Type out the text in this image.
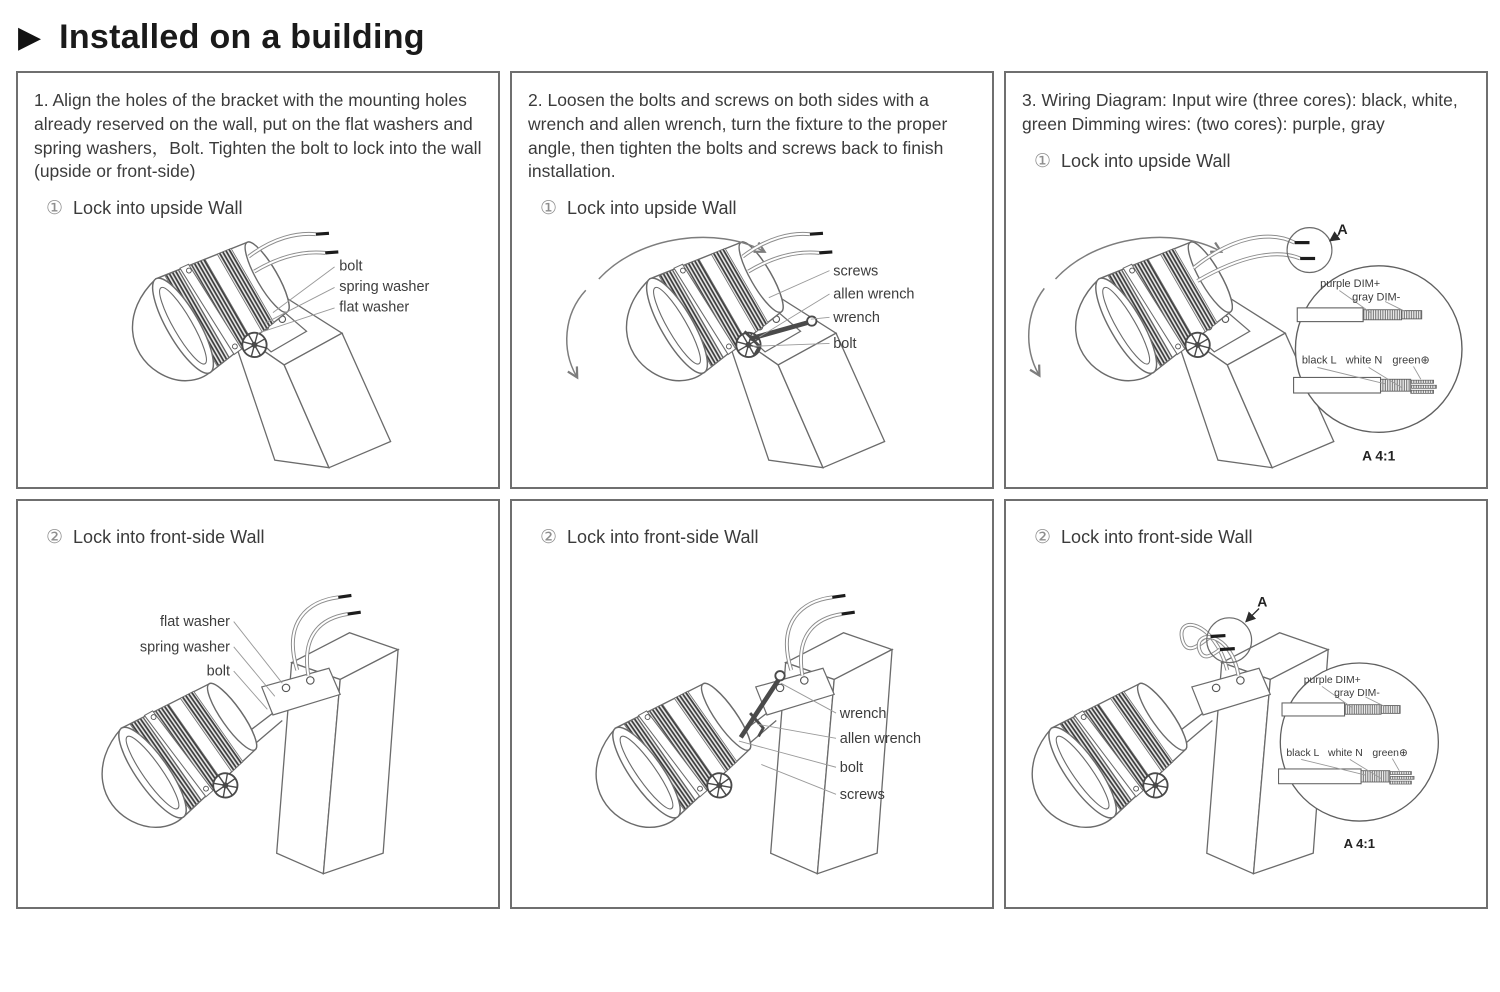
▶ Installed on a building
1. Align the holes of the bracket with the mounting holes already reserved on the wall, put on the flat washers and spring washers，Bolt. Tighten the bolt to lock into the wall (upside or front-side)
① Lock into upside Wall
bolt
spring washer
flat washer
2. Loosen the bolts and screws on both sides with a wrench and allen wrench, turn the fixture to the proper angle, then tighten the bolts and screws back to finish installation.
① Lock into upside Wall
screws
allen wrench
wrench
bolt
3. Wiring Diagram: Input wire (three cores): black, white, green Dimming wires: (two cores): purple, gray
① Lock into upside Wall
A
② Lock into front-side Wall
flat washer
spring washer
bolt
② Lock into front-side Wall
wrench
allen wrench
bolt
screws
② Lock into front-side Wall
A
